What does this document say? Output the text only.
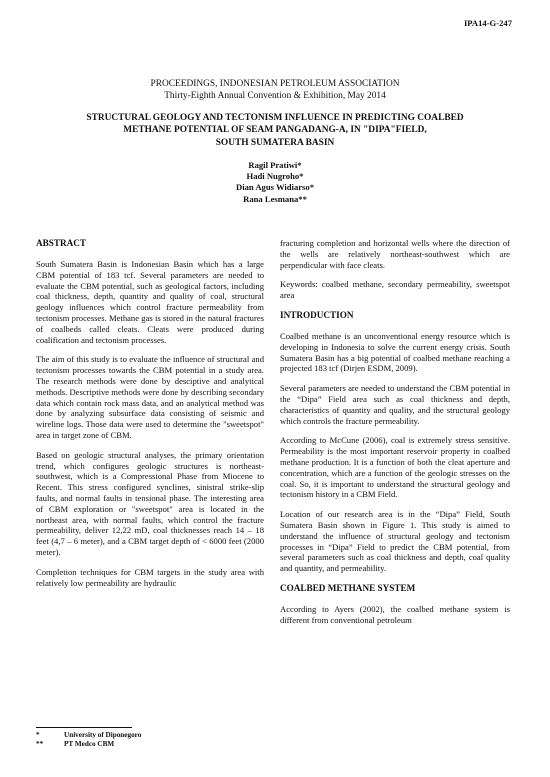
IPA14-G-247
PROCEEDINGS, INDONESIAN PETROLEUM ASSOCIATION
Thirty-Eighth Annual Convention & Exhibition, May 2014
STRUCTURAL GEOLOGY AND TECTONISM INFLUENCE IN PREDICTING COALBED
METHANE POTENTIAL OF SEAM PANGADANG-A, IN "DIPA"FIELD,
SOUTH SUMATERA BASIN
Ragil Pratiwi*
Hadi Nugroho*
Dian Agus Widiarso*
Rana Lesmana**
ABSTRACT

South Sumatera Basin is Indonesian Basin which has a large CBM potential of 183 tcf. Several parameters are needed to evaluate the CBM potential, such as geological factors, including coal thickness, depth, quantity and quality of coal, structural geology influences which control fracture permeability from tectonism processes. Methane gas is stored in the natural fractures of coalbeds called cleats. Cleats were produced during coalification and tectonism processes.

The aim of this study is to evaluate the influence of structural and tectonism processes towards the CBM potential in a study area. The research methods were done by desciptive and analytical methods. Descriptive methods were done by describing secondary data which contain rock mass data, and an analytical method was done by analyzing subsurface data consisting of seismic and wireline logs. Those data were used to determine the "sweetspot" area in target zone of CBM.

Based on geologic structural analyses, the primary orientation trend, which configures geologic structures is northeast-southwest, which is a Compressional Phase from Miocene to Recent. This stress configured synclines, sinistral strike-slip faults, and normal faults in tensional phase. The interesting area of CBM exploration or "sweetspot" area is located in the northeast area, with normal faults, which control the fracture permeability, deliver 12,22 mD, coal thicknesses reach 14 – 18 feet (4,7 – 6 meter), and a CBM target depth of < 6000 feet (2000 meter).

Completion techniques for CBM targets in the study area with relatively low permeability are hydraulic

fracturing completion and horizontal wells where the direction of the wells are relatively northeast-southwest which are perpendicular with face cleats.

Keywords: coalbed methane, secondary permeability, sweetspot area

INTRODUCTION

Coalbed methane is an unconventional energy resource which is developing in Indonesia to solve the current energy crisis. South Sumatera Basin has a big potential of coalbed methane reaching a projected 183 tcf (Dirjen ESDM, 2009).

Several parameters are needed to understand the CBM potential in the “Dipa” Field area such as coal thickness and depth, characteristics of quantity and quality, and the structural geology which controls the fracture permeability.

According to McCune (2006), coal is extremely stress sensitive. Permeability is the most important reservoir property in coalbed methane production. It is a function of both the cleat aperture and concentration, which are a function of the geologic stresses on the coal. So, it is important to understand the structural geology and tectonism history in a CBM Field.

Location of our research area is in the “Dipa” Field, South Sumatera Basin shown in Figure 1. This study is aimed to understand the influence of structural geology and tectonism processes in “Dipa” Field to predict the CBM potential, from several parameters such as coal thickness and depth, coal quality and quantity, and permeability.

COALBED METHANE SYSTEM

According to Ayers (2002), the coalbed methane system is different from conventional petroleum

*	University of Diponegoro
**	PT Medco CBM
